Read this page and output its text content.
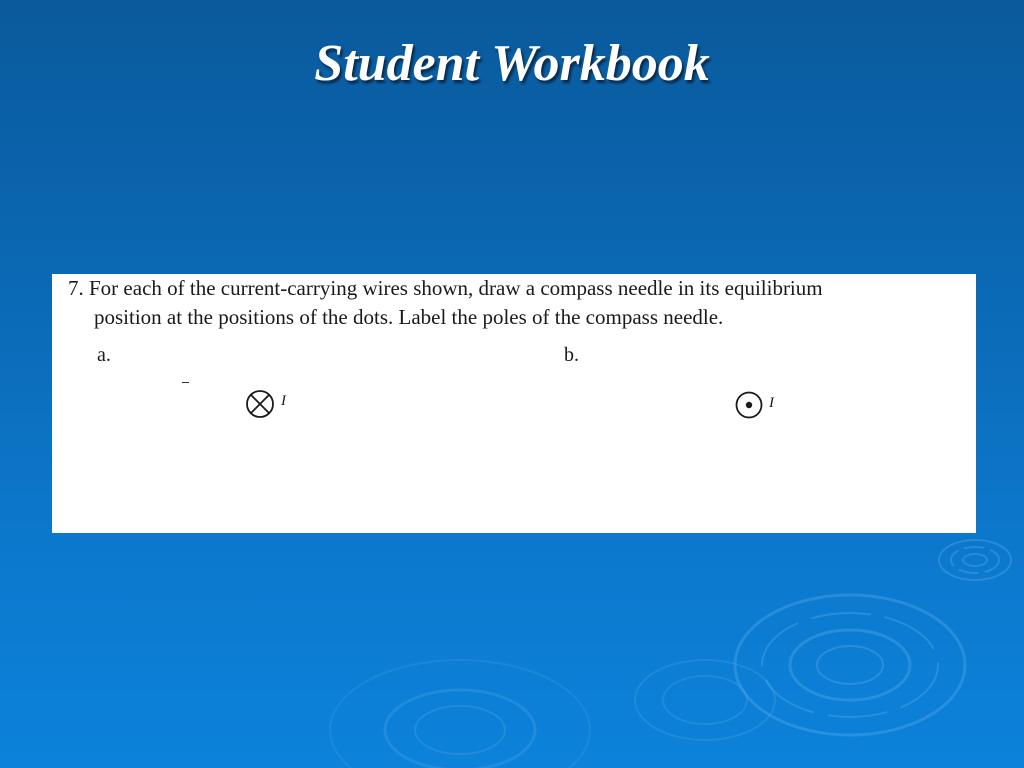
Student Workbook
7. For each of the current-carrying wires shown, draw a compass needle in its equilibrium
position at the positions of the dots. Label the poles of the compass needle.
a.	b.
I	I
